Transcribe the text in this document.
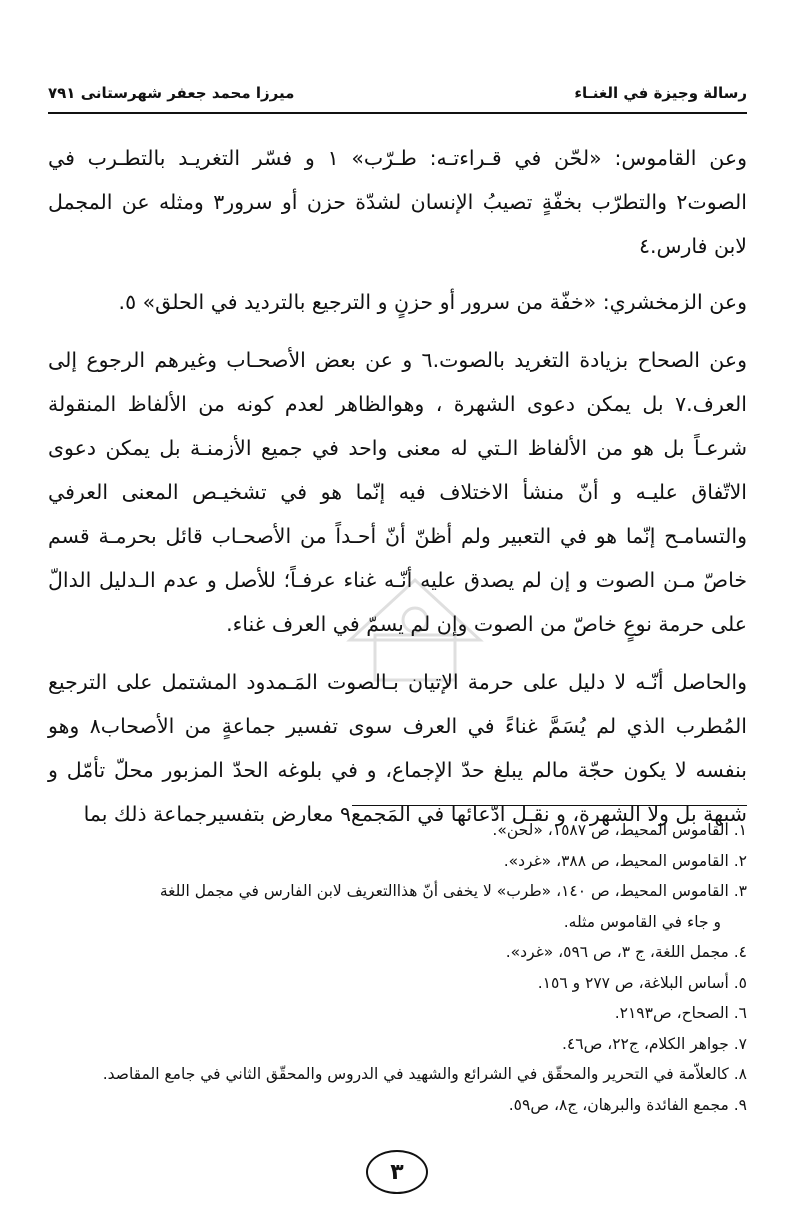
رسالة وجيزة في الغنـاء
ميرزا محمد جعفر شهرستانى ٧٩١

وعن القاموس: «لحّن في قـراءتـه: طـرّب» ١ و فسّر التغريـد بالتطـرب في الصوت٢ والتطرّب بخفّةٍ تصيبُ الإنسان لشدّة حزن أو سرور٣ ومثله عن المجمل لابن فارس.٤

وعن الزمخشري: «خفّة من سرور أو حزنٍ و الترجيع بالترديد في الحلق» ٥.

وعن الصحاح بزيادة التغريد بالصوت.٦ و عن بعض الأصحـاب وغيرهم الرجوع إلى العرف.٧ بل يمكن دعوى الشهرة ، وهوالظاهر لعدم كونه من الألفاظ المنقولة شرعـاً بل هو من الألفاظ الـتي له معنى واحد في جميع الأزمنـة بل يمكن دعوى الاتّفاق عليـه و أنّ منشأ الاختلاف فيه إنّما هو في تشخيـص المعنى العرفي والتسامـح إنّما هو في التعبير ولم أظنّ أنّ أحـداً من الأصحـاب قائل بحرمـة قسم خاصّ مـن الصوت و إن لم يصدق عليه أنّـه غناء عرفـاً؛ للأصل و عدم الـدليل الدالّ على حرمة نوعٍ خاصّ من الصوت وإن لم يسمّ في العرف غناء.

والحاصل أنّـه لا دليل على حرمة الإتيان بـالصوت المَـمدود المشتمل على الترجيع المُطرب الذي لم يُسَمَّ غناءً في العرف سوى تفسير جماعةٍ من الأصحاب٨ وهو بنفسه لا يكون حجّة مالم يبلغ حدّ الإجماع، و في بلوغه الحدّ المزبور محلّ تأمّل و شبهة بل ولا الشهرة، و نقـل ادّعائها في المَجمع٩ معارض بتفسيرجماعة ذلك بما

١. القاموس المحيط، ص ١٥٨٧، «لحن».

٢. القاموس المحيط، ص ٣٨٨، «غرد».

٣. القاموس المحيط، ص ١٤٠، «طرب» لا يخفى أنّ هذاالتعريف لابن الفارس في مجمل اللغة

و جاء في القاموس مثله.

٤. مجمل اللغة، ج ٣، ص ٥٩٦، «غرد».

٥. أساس البلاغة، ص ٢٧٧ و ١٥٦.

٦. الصحاح، ص٢١٩٣.

٧. جواهر الكلام، ج٢٢، ص٤٦.

٨. كالعلاّمة في التحرير والمحقّق في الشرائع والشهيد في الدروس والمحقّق الثاني في جامع المقاصد.

٩. مجمع الفائدة والبرهان، ج٨، ص٥٩.

٣
